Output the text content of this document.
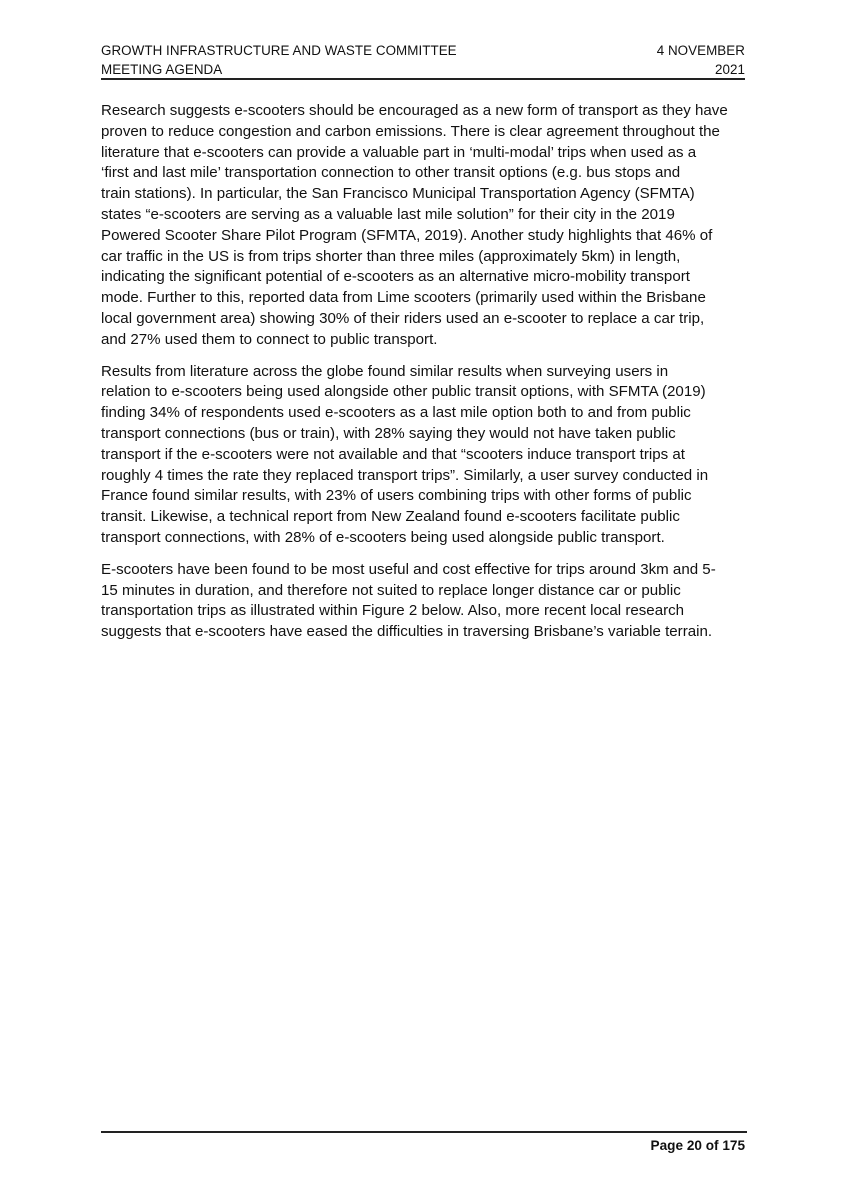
GROWTH INFRASTRUCTURE AND WASTE COMMITTEE
MEETING AGENDA
4 NOVEMBER
2021

Research suggests e-scooters should be encouraged as a new form of transport as they have
proven to reduce congestion and carbon emissions. There is clear agreement throughout the
literature that e-scooters can provide a valuable part in ‘multi-modal’ trips when used as a
‘first and last mile’ transportation connection to other transit options (e.g. bus stops and
train stations). In particular, the San Francisco Municipal Transportation Agency (SFMTA)
states “e-scooters are serving as a valuable last mile solution” for their city in the 2019
Powered Scooter Share Pilot Program (SFMTA, 2019). Another study highlights that 46% of
car traffic in the US is from trips shorter than three miles (approximately 5km) in length,
indicating the significant potential of e-scooters as an alternative micro-mobility transport
mode. Further to this, reported data from Lime scooters (primarily used within the Brisbane
local government area) showing 30% of their riders used an e-scooter to replace a car trip,
and 27% used them to connect to public transport.

Results from literature across the globe found similar results when surveying users in
relation to e-scooters being used alongside other public transit options, with SFMTA (2019)
finding 34% of respondents used e-scooters as a last mile option both to and from public
transport connections (bus or train), with 28% saying they would not have taken public
transport if the e-scooters were not available and that “scooters induce transport trips at
roughly 4 times the rate they replaced transport trips”. Similarly, a user survey conducted in
France found similar results, with 23% of users combining trips with other forms of public
transit. Likewise, a technical report from New Zealand found e-scooters facilitate public
transport connections, with 28% of e-scooters being used alongside public transport.

E-scooters have been found to be most useful and cost effective for trips around 3km and 5-
15 minutes in duration, and therefore not suited to replace longer distance car or public
transportation trips as illustrated within Figure 2 below. Also, more recent local research
suggests that e-scooters have eased the difficulties in traversing Brisbane’s variable terrain.

Page 20 of 175
